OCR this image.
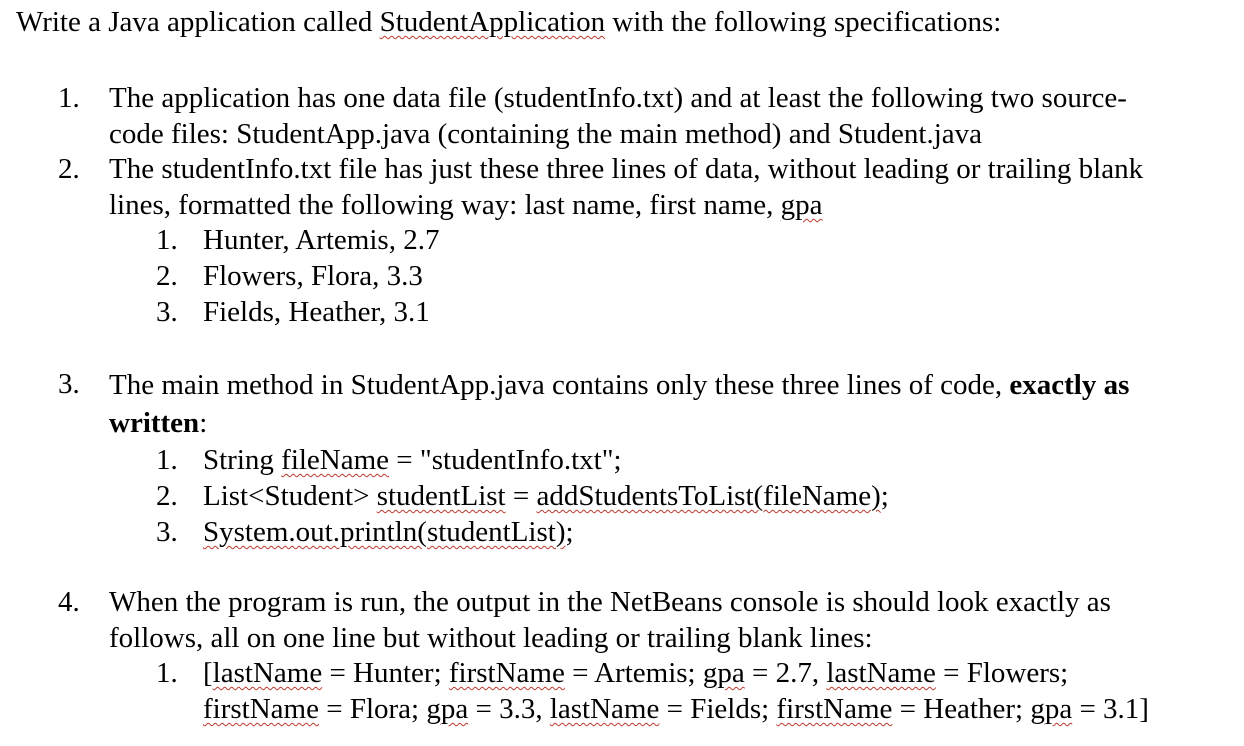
Write a Java application called StudentApplication with the following specifications:
1. The application has one data file (studentInfo.txt) and at least the following two source-
code files: StudentApp.java (containing the main method) and Student.java
2. The studentInfo.txt file has just these three lines of data, without leading or trailing blank
lines, formatted the following way: last name, first name, gpa
1. Hunter, Artemis, 2.7
2. Flowers, Flora, 3.3
3. Fields, Heather, 3.1
3. The main method in StudentApp.java contains only these three lines of code, exactly as
written:
1. String fileName = "studentInfo.txt";
2. List<Student> studentList = addStudentsToList(fileName);
3. System.out.println(studentList);
4. When the program is run, the output in the NetBeans console is should look exactly as
follows, all on one line but without leading or trailing blank lines:
1. [lastName = Hunter; firstName = Artemis; gpa = 2.7, lastName = Flowers;
firstName = Flora; gpa = 3.3, lastName = Fields; firstName = Heather; gpa = 3.1]
